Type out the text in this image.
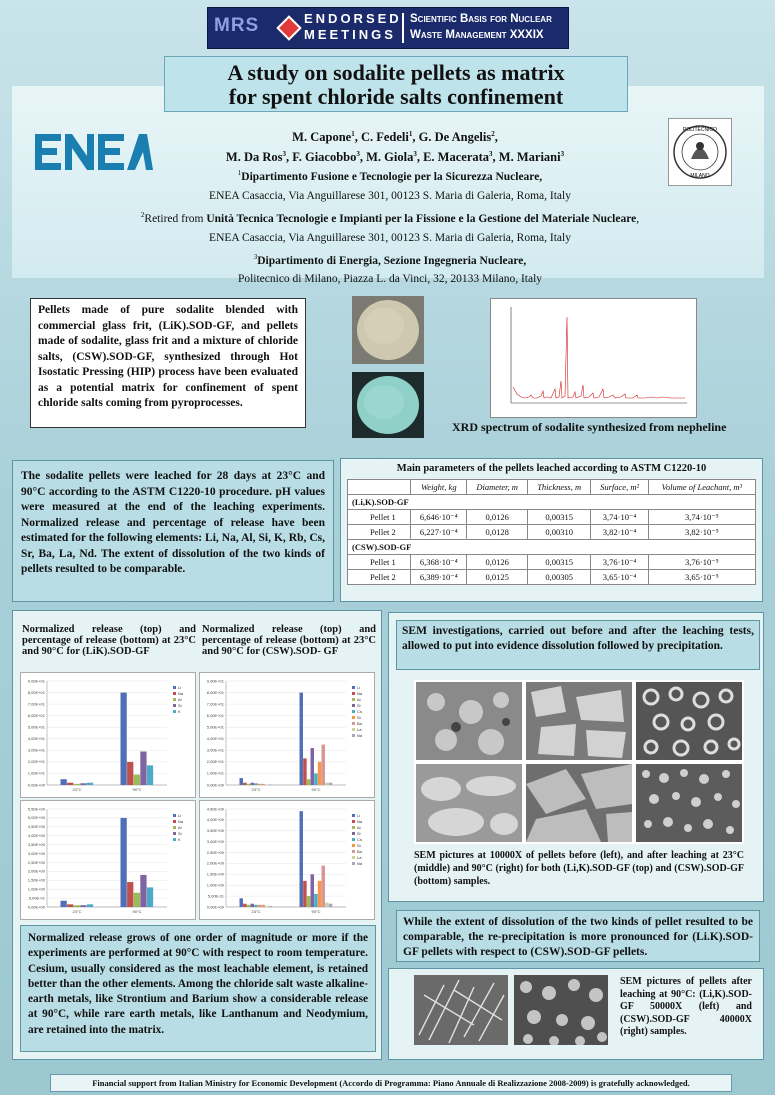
MRS	ENDORSED
MEETINGS
Scientific Basis for Nuclear
Waste Management XXXIX
A study on sodalite pellets as matrix
for spent chloride salts confinement
POLITECNICO
MILANO
M. Capone$^1$, C. Fedeli$^1$, G. De Angelis$^2$,
M. Da Ros$^3$, F. Giacobbo$^3$, M. Giola$^3$, E. Macerata$^3$, M. Mariani$^3$
$^1$Dipartimento Fusione e Tecnologie per la Sicurezza Nucleare,
ENEA Casaccia, Via Anguillarese 301, 00123 S. Maria di Galeria, Roma, Italy
$^2$Retired from Unità Tecnica Tecnologie e Impianti per la Fissione e la Gestione del Materiale Nucleare,
ENEA Casaccia, Via Anguillarese 301, 00123 S. Maria di Galeria, Roma, Italy
$^3$Dipartimento di Energia, Sezione Ingegneria Nucleare,
Politecnico di Milano, Piazza L. da Vinci, 32, 20133 Milano, Italy
Pellets made of pure sodalite blended with commercial glass frit, (LiK).SOD-GF, and pellets made of sodalite, glass frit and a mixture of chloride salts, (CSW).SOD-GF, synthesized through Hot Isostatic Pressing (HIP) process have been evaluated as a potential matrix for confinement of spent chloride salts coming from pyroprocesses.
XRD spectrum of sodalite synthesized from nepheline
The sodalite pellets were leached for 28 days at 23°C and 90°C according to the ASTM C1220-10 procedure. pH values were measured at the end of the leaching experiments. Normalized release and percentage of release have been estimated for the following elements: Li, Na, Al, Si, K, Rb, Cs, Sr, Ba, La, Nd. The extent of dissolution of the two kinds of pellets resulted to be comparable.
Main parameters of the pellets leached according to ASTM C1220-10
	Weight, kg	Diameter, m	Thickness, m	Surface, m²	Volume of Leachant, m³
(Li,K).SOD-GF					
Pellet 1	6,646·10⁻⁴	0,0126	0,00315	3,74·10⁻⁴	3,74·10⁻⁵
Pellet 2	6,227·10⁻⁴	0,0128	0,00310	3,82·10⁻⁴	3,82·10⁻⁵
(CSW).SOD-GF					
Pellet 1	6,368·10⁻⁴	0,0126	0,00315	3,76·10⁻⁴	3,76·10⁻⁵
Pellet 2	6,389·10⁻⁴	0,0125	0,00305	3,65·10⁻⁴	3,65·10⁻⁵
Normalized release (top) and percentage of release (bottom) at 23°C and 90°C for (LiK).SOD-GF
Normalized release (top) and percentage of release (bottom) at 23°C and 90°C for (CSW).SOD- GF
0,00E+00
1,00E+01
2,00E+01
3,00E+01
4,00E+01
5,00E+01
6,00E+01
7,00E+01
8,00E+01
9,00E+01
23°C	90°C
Li
Na
Al
Si
K
0,00E+00
1,00E+01
2,00E+01
3,00E+01
4,00E+01
5,00E+01
6,00E+01
7,00E+01
8,00E+01
9,00E+01
23°C	90°C
Li
Na
Al
Si
Cs
Sr
Ba
La
Nd
0,00E+00
5,00E-01
1,00E+00
1,50E+00
2,00E+00
2,50E+00
3,00E+00
3,50E+00
4,00E+00
4,50E+00
5,00E+00
5,50E+00
23°C	90°C
Li
Na
Al
Si
K
0,00E+00
5,00E-01
1,00E+00
1,50E+00
2,00E+00
2,50E+00
3,00E+00
3,50E+00
4,00E+00
4,50E+00
23°C	90°C
Li
Na
Al
Si
Cs
Sr
Ba
La
Nd
Normalized release grows of one order of magnitude or more if the experiments are performed at 90°C with respect to room temperature. Cesium, usually considered as the most leachable element, is retained better than the other elements. Among the chloride salt waste alkaline-earth metals, like Strontium and Barium show a considerable release at 90°C, while rare earth metals, like Lanthanum and Neodymium, are retained into the matrix.
SEM investigations, carried out before and after the leaching tests, allowed to put into evidence dissolution followed by precipitation.
SEM pictures at 10000X of pellets before (left), and after leaching at 23°C (middle) and 90°C (right) for both (Li,K).SOD-GF (top) and (CSW).SOD-GF (bottom) samples.
While the extent of dissolution of the two kinds of pellet resulted to be comparable, the re-precipitation is more pronounced for (Li.K).SOD-GF pellets with respect to (CSW).SOD-GF pellets.
SEM pictures of pellets after leaching at 90°C: (Li,K).SOD-GF 50000X (left) and (CSW).SOD-GF 40000X (right) samples.
Financial support from Italian Ministry for Economic Development (Accordo di Programma: Piano Annuale di Realizzazione 2008-2009) is gratefully acknowledged.
